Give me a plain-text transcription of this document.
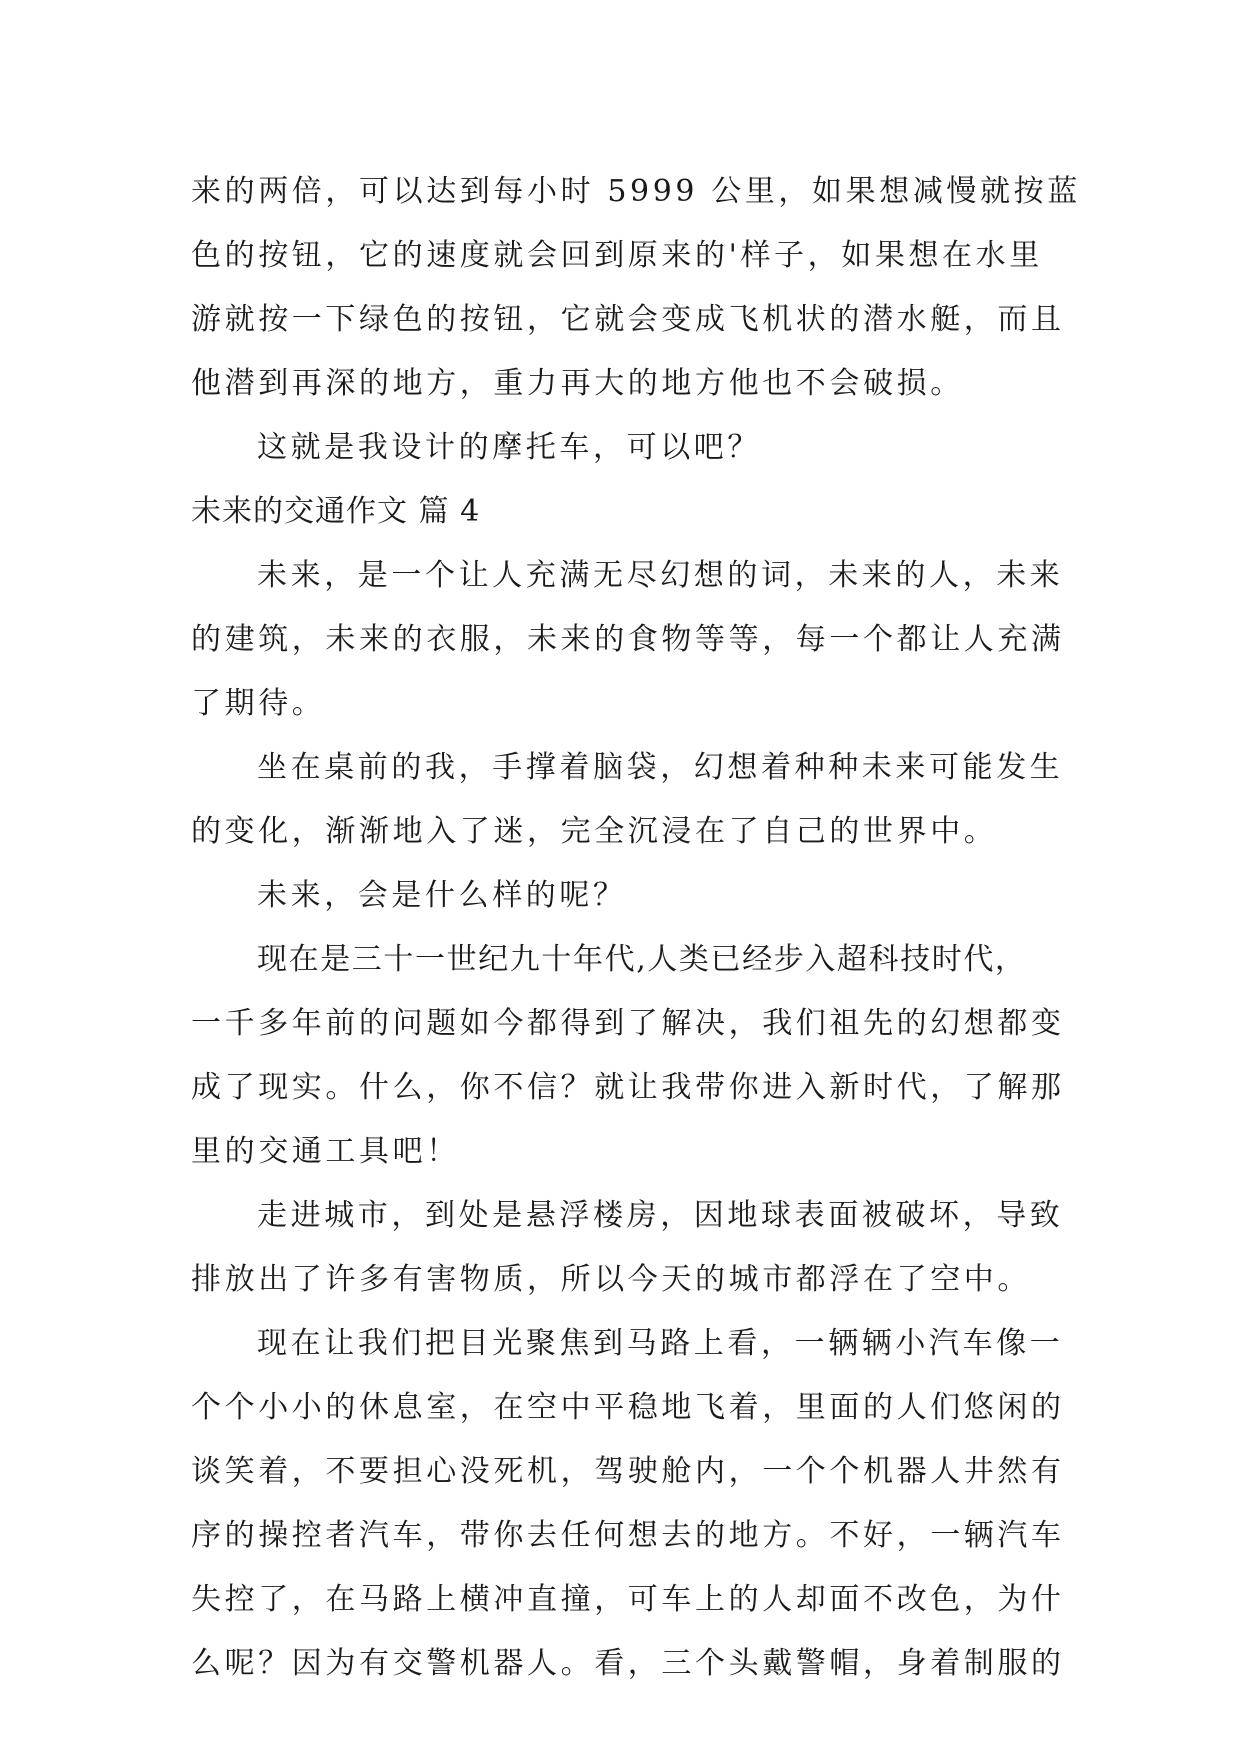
来的两倍，可以达到每小时 5999 公里，如果想减慢就按蓝
色的按钮，它的速度就会回到原来的'样子，如果想在水里
游就按一下绿色的按钮，它就会变成飞机状的潜水艇，而且
他潜到再深的地方，重力再大的地方他也不会破损。
这就是我设计的摩托车，可以吧？
未来的交通作文 篇 4
未来，是一个让人充满无尽幻想的词，未来的人，未来
的建筑，未来的衣服，未来的食物等等，每一个都让人充满
了期待。
坐在桌前的我，手撑着脑袋，幻想着种种未来可能发生
的变化，渐渐地入了迷，完全沉浸在了自己的世界中。
未来，会是什么样的呢？
现在是三十一世纪九十年代,人类已经步入超科技时代，
一千多年前的问题如今都得到了解决，我们祖先的幻想都变
成了现实。什么，你不信？就让我带你进入新时代，了解那
里的交通工具吧！
走进城市，到处是悬浮楼房，因地球表面被破坏，导致
排放出了许多有害物质，所以今天的城市都浮在了空中。
现在让我们把目光聚焦到马路上看，一辆辆小汽车像一
个个小小的休息室，在空中平稳地飞着，里面的人们悠闲的
谈笑着，不要担心没死机，驾驶舱内，一个个机器人井然有
序的操控者汽车，带你去任何想去的地方。不好，一辆汽车
失控了，在马路上横冲直撞，可车上的人却面不改色，为什
么呢？因为有交警机器人。看，三个头戴警帽，身着制服的
